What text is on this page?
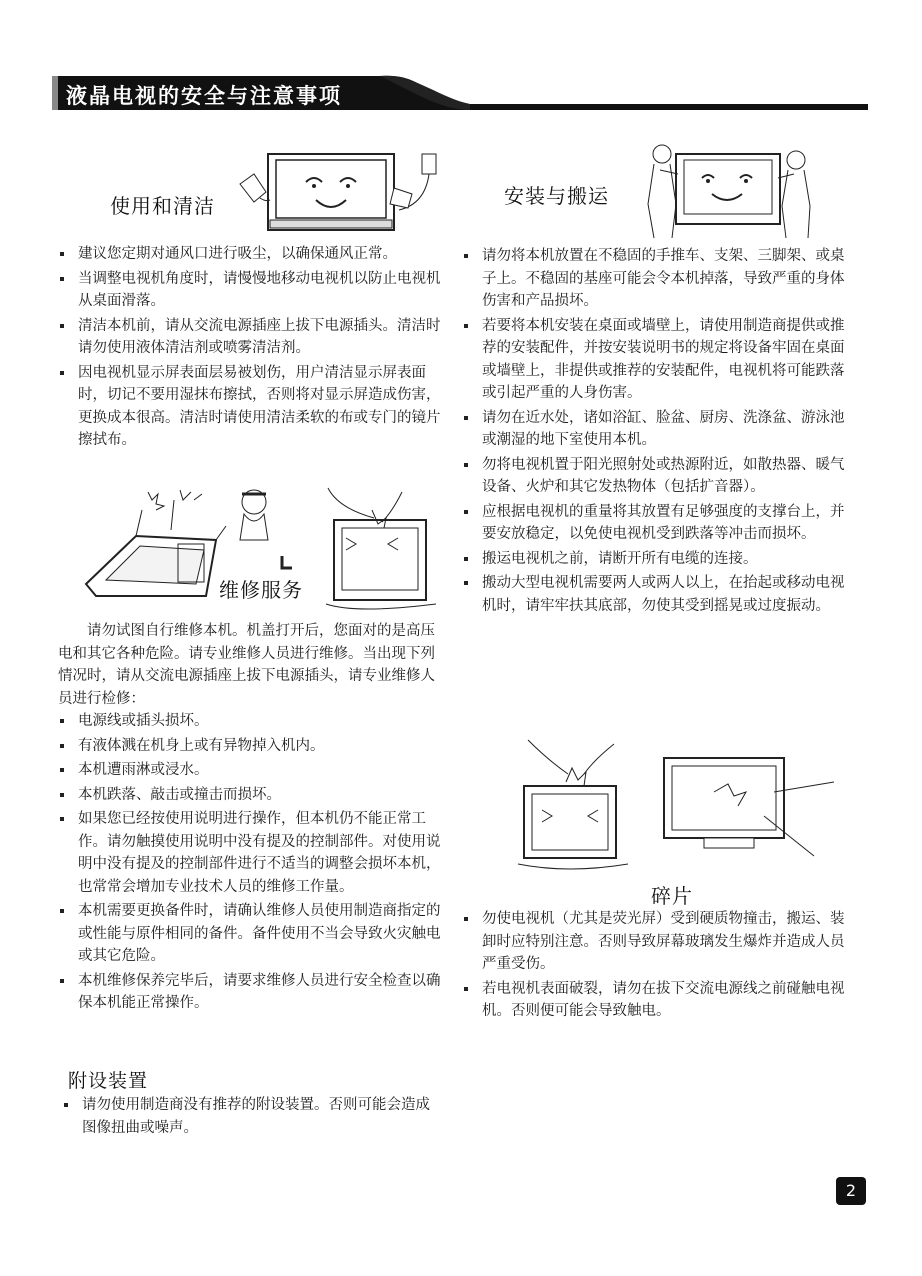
液晶电视的安全与注意事项
使用和清洁
建议您定期对通风口进行吸尘，以确保通风正常。
当调整电视机角度时，请慢慢地移动电视机以防止电视机从桌面滑落。
清洁本机前，请从交流电源插座上拔下电源插头。清洁时请勿使用液体清洁剂或喷雾清洁剂。
因电视机显示屏表面层易被划伤，用户清洁显示屏表面时，切记不要用湿抹布擦拭，否则将对显示屏造成伤害，更换成本很高。清洁时请使用清洁柔软的布或专门的镜片擦拭布。
维修服务

请勿试图自行维修本机。机盖打开后，您面对的是高压电和其它各种危险。请专业维修人员进行维修。当出现下列情况时，请从交流电源插座上拔下电源插头，请专业维修人员进行检修：

电源线或插头损坏。
有液体溅在机身上或有异物掉入机内。
本机遭雨淋或浸水。
本机跌落、敲击或撞击而损坏。
如果您已经按使用说明进行操作，但本机仍不能正常工作。请勿触摸使用说明中没有提及的控制部件。对使用说明中没有提及的控制部件进行不适当的调整会损坏本机，也常常会增加专业技术人员的维修工作量。
本机需要更换备件时，请确认维修人员使用制造商指定的或性能与原件相同的备件。备件使用不当会导致火灾触电或其它危险。
本机维修保养完毕后，请要求维修人员进行安全检查以确保本机能正常操作。
附设装置
请勿使用制造商没有推荐的附设装置。否则可能会造成图像扭曲或噪声。
安装与搬运
请勿将本机放置在不稳固的手推车、支架、三脚架、或桌子上。不稳固的基座可能会令本机掉落，导致严重的身体伤害和产品损坏。
若要将本机安装在桌面或墙壁上，请使用制造商提供或推荐的安装配件，并按安装说明书的规定将设备牢固在桌面或墙壁上，非提供或推荐的安装配件，电视机将可能跌落或引起严重的人身伤害。
请勿在近水处，诸如浴缸、脸盆、厨房、洗涤盆、游泳池或潮湿的地下室使用本机。
勿将电视机置于阳光照射处或热源附近，如散热器、暖气设备、火炉和其它发热物体（包括扩音器）。
应根据电视机的重量将其放置有足够强度的支撑台上，并要安放稳定，以免使电视机受到跌落等冲击而损坏。
搬运电视机之前，请断开所有电缆的连接。
搬动大型电视机需要两人或两人以上，在抬起或移动电视机时，请牢牢扶其底部，勿使其受到摇晃或过度振动。
碎片
勿使电视机（尤其是荧光屏）受到硬质物撞击，搬运、装卸时应特别注意。否则导致屏幕玻璃发生爆炸并造成人员严重受伤。
若电视机表面破裂，请勿在拔下交流电源线之前碰触电视机。否则便可能会导致触电。
2
